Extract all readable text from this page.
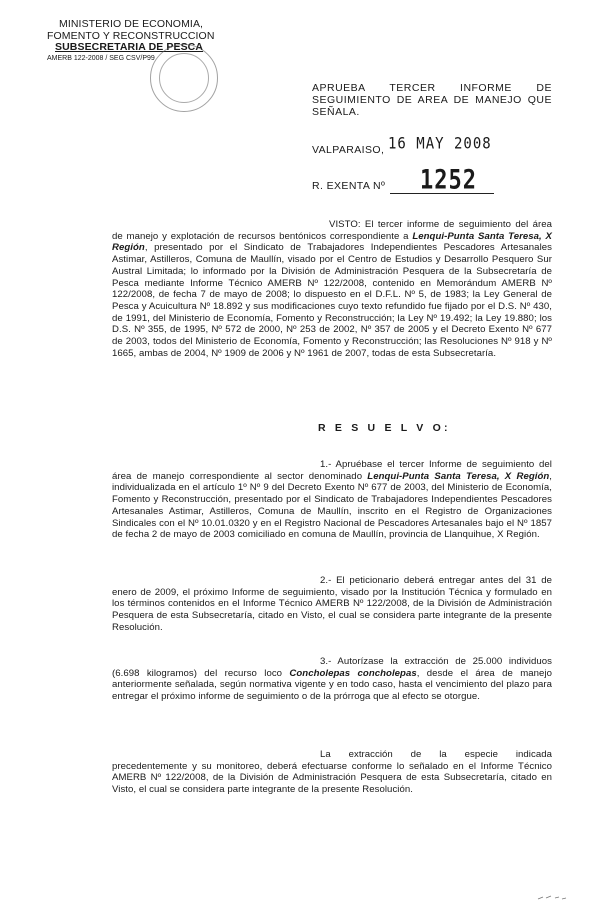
MINISTERIO DE ECONOMIA,
FOMENTO Y RECONSTRUCCION
SUBSECRETARIA DE PESCA
AMERB 122-2008 / SEG CSV/P99
APRUEBA TERCER INFORME DE SEGUIMIENTO DE AREA DE MANEJO QUE SEÑALA.
VALPARAISO, 16 MAY 2008
R. EXENTA Nº 1252
VISTO: El tercer informe de seguimiento del área de manejo y explotación de recursos bentónicos correspondiente a Lenqui-Punta Santa Teresa, X Región, presentado por el Sindicato de Trabajadores Independientes Pescadores Artesanales Astimar, Astilleros, Comuna de Maullín, visado por el Centro de Estudios y Desarrollo Pesquero Sur Austral Limitada; lo informado por la División de Administración Pesquera de la Subsecretaría de Pesca mediante Informe Técnico AMERB Nº 122/2008, contenido en Memorándum AMERB Nº 122/2008, de fecha 7 de mayo de 2008; lo dispuesto en el D.F.L. Nº 5, de 1983; la Ley General de Pesca y Acuicultura Nº 18.892 y sus modificaciones cuyo texto refundido fue fijado por el D.S. Nº 430, de 1991, del Ministerio de Economía, Fomento y Reconstrucción; la Ley Nº 19.492; la Ley 19.880; los D.S. Nº 355, de 1995, Nº 572 de 2000, Nº 253 de 2002, Nº 357 de 2005 y el Decreto Exento Nº 677 de 2003, todos del Ministerio de Economía, Fomento y Reconstrucción; las Resoluciones Nº 918 y Nº 1665, ambas de 2004, Nº 1909 de 2006 y Nº 1961 de 2007, todas de esta Subsecretaría.
R E S U E L V O:
1.- Apruébase el tercer Informe de seguimiento del área de manejo correspondiente al sector denominado Lenqui-Punta Santa Teresa, X Región, individualizada en el artículo 1º Nº 9 del Decreto Exento Nº 677 de 2003, del Ministerio de Economía, Fomento y Reconstrucción, presentado por el Sindicato de Trabajadores Independientes Pescadores Artesanales Astimar, Astilleros, Comuna de Maullín, inscrito en el Registro de Organizaciones Sindicales con el Nº 10.01.0320 y en el Registro Nacional de Pescadores Artesanales bajo el Nº 1857 de fecha 2 de mayo de 2003 comiciliado en comuna de Maullín, provincia de Llanquihue, X Región.
2.- El peticionario deberá entregar antes del 31 de enero de 2009, el próximo Informe de seguimiento, visado por la Institución Técnica y formulado en los términos contenidos en el Informe Técnico AMERB Nº 122/2008, de la División de Administración Pesquera de esta Subsecretaría, citado en Visto, el cual se considera parte integrante de la presente Resolución.
3.- Autorízase la extracción de 25.000 individuos (6.698 kilogramos) del recurso loco Concholepas concholepas, desde el área de manejo anteriormente señalada, según normativa vigente y en todo caso, hasta el vencimiento del plazo para entregar el próximo informe de seguimiento o de la prórroga que al efecto se otorgue.
La extracción de la especie indicada precedentemente y su monitoreo, deberá efectuarse conforme lo señalado en el Informe Técnico AMERB Nº 122/2008, de la División de Administración Pesquera de esta Subsecretaría, citado en Visto, el cual se considera parte integrante de la presente Resolución.
